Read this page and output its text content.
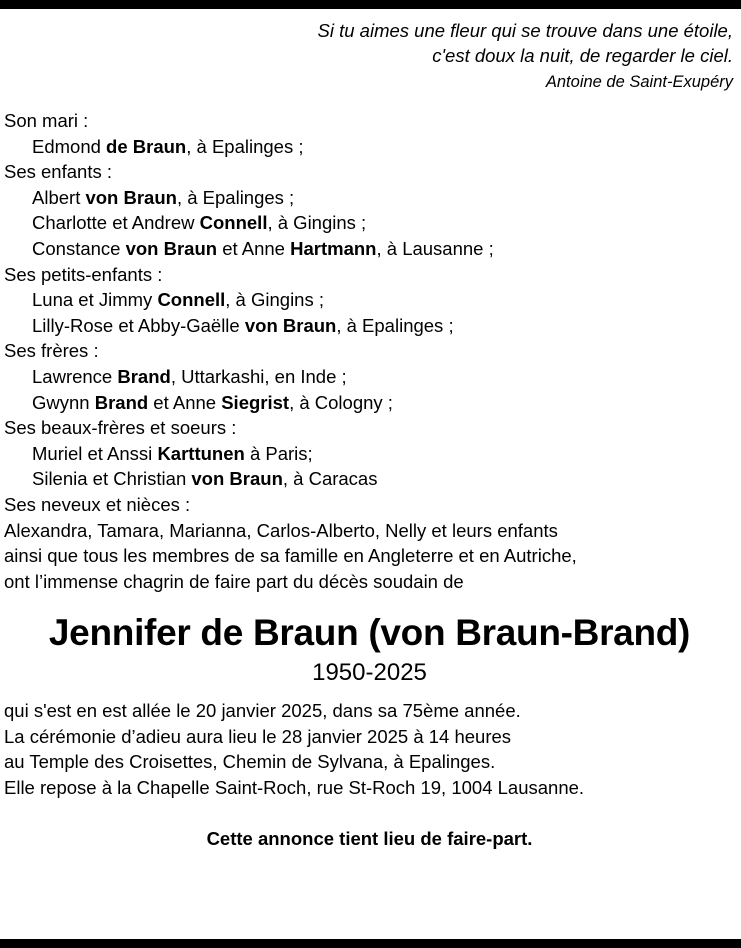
Si tu aimes une fleur qui se trouve dans une étoile,
c'est doux la nuit, de regarder le ciel.
Antoine de Saint-Exupéry
Son mari :
Edmond de Braun, à Epalinges ;
Ses enfants :
Albert von Braun, à Epalinges ;
Charlotte et Andrew Connell, à Gingins ;
Constance von Braun et Anne Hartmann, à Lausanne ;
Ses petits-enfants :
Luna et Jimmy Connell, à Gingins ;
Lilly-Rose et Abby-Gaëlle von Braun, à Epalinges ;
Ses frères :
Lawrence Brand, Uttarkashi, en Inde ;
Gwynn Brand et Anne Siegrist, à Cologny ;
Ses beaux-frères et soeurs :
Muriel et Anssi Karttunen à Paris;
Silenia et Christian von Braun, à Caracas
Ses neveux et nièces :
Alexandra, Tamara, Marianna, Carlos-Alberto, Nelly et leurs enfants
ainsi que tous les membres de sa famille en Angleterre et en Autriche,
ont l’immense chagrin de faire part du décès soudain de
Jennifer de Braun (von Braun-Brand)
1950-2025
qui s'est en est allée le 20 janvier 2025, dans sa 75ème année.
La cérémonie d’adieu aura lieu le 28 janvier 2025 à 14 heures
au Temple des Croisettes, Chemin de Sylvana, à Epalinges.
Elle repose à la Chapelle Saint-Roch, rue St-Roch 19, 1004 Lausanne.
Cette annonce tient lieu de faire-part.
